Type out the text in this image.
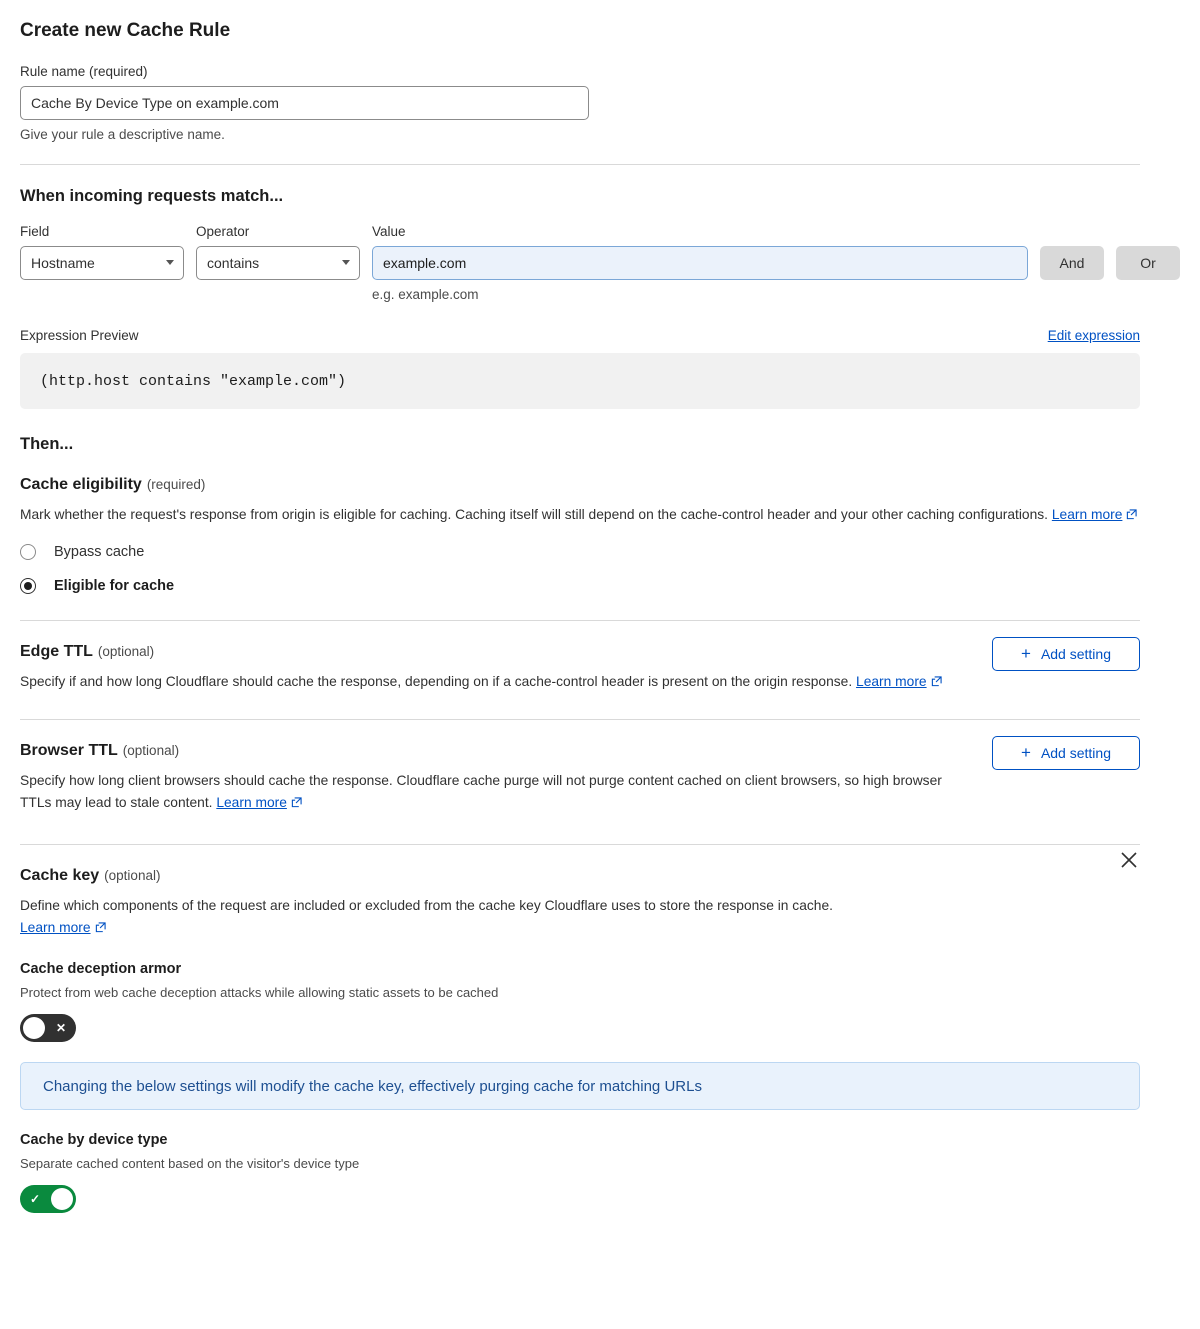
Create new Cache Rule
Rule name (required)
Cache By Device Type on example.com
Give your rule a descriptive name.
When incoming requests match...
Field
Hostname
Operator
contains
Value
example.com
e.g. example.com

And
	Or
Expression Preview	Edit expression
(http.host contains "example.com")
Then...
Cache eligibility (required)
Mark whether the request's response from origin is eligible for caching. Caching itself will still depend on the cache-control header and your other caching configurations. Learn more
Bypass cache
Eligible for cache
Edge TTL (optional)
Specify if and how long Cloudflare should cache the response, depending on if a cache-control header is present on the origin response. Learn more
+ Add setting
Browser TTL (optional)
Specify how long client browsers should cache the response. Cloudflare cache purge will not purge content cached on client browsers, so high browser TTLs may lead to stale content. Learn more
+ Add setting
Cache key (optional)
Define which components of the request are included or excluded from the cache key Cloudflare uses to store the response in cache.
Learn more
Cache deception armor
Protect from web cache deception attacks while allowing static assets to be cached
✕
Changing the below settings will modify the cache key, effectively purging cache for matching URLs
Cache by device type
Separate cached content based on the visitor's device type
✓
